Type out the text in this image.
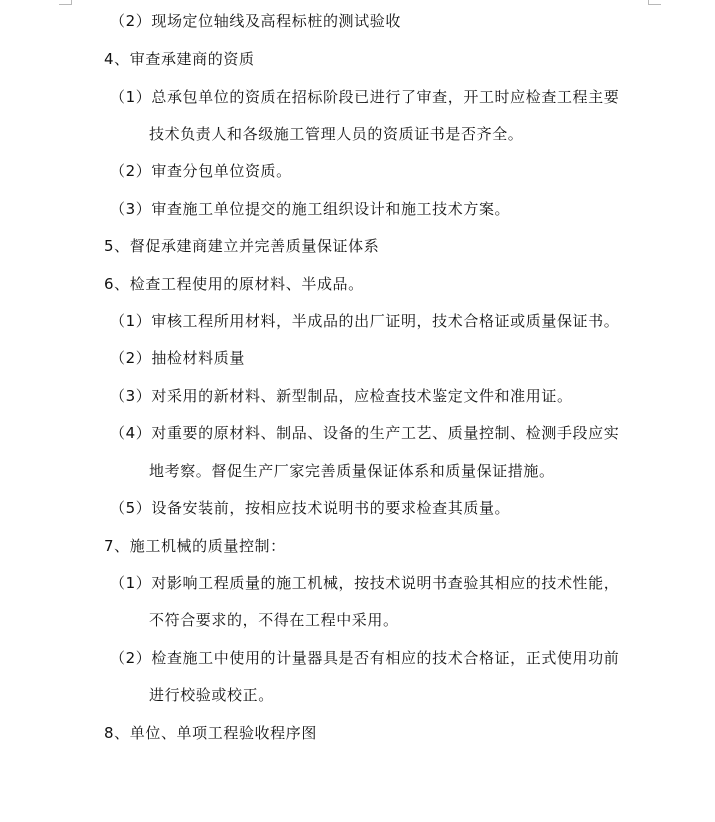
（2）现场定位轴线及高程标桩的测试验收
4、审查承建商的资质
（1）总承包单位的资质在招标阶段已进行了审查，开工时应检查工程主要
技术负责人和各级施工管理人员的资质证书是否齐全。
（2）审查分包单位资质。
（3）审查施工单位提交的施工组织设计和施工技术方案。
5、督促承建商建立并完善质量保证体系
6、检查工程使用的原材料、半成品。
（1）审核工程所用材料，半成品的出厂证明，技术合格证或质量保证书。
（2）抽检材料质量
（3）对采用的新材料、新型制品，应检查技术鉴定文件和准用证。
（4）对重要的原材料、制品、设备的生产工艺、质量控制、检测手段应实
地考察。督促生产厂家完善质量保证体系和质量保证措施。
（5）设备安装前，按相应技术说明书的要求检查其质量。
7、施工机械的质量控制：
（1）对影响工程质量的施工机械，按技术说明书查验其相应的技术性能，
不符合要求的，不得在工程中采用。
（2）检查施工中使用的计量器具是否有相应的技术合格证，正式使用功前
进行校验或校正。
8、单位、单项工程验收程序图
